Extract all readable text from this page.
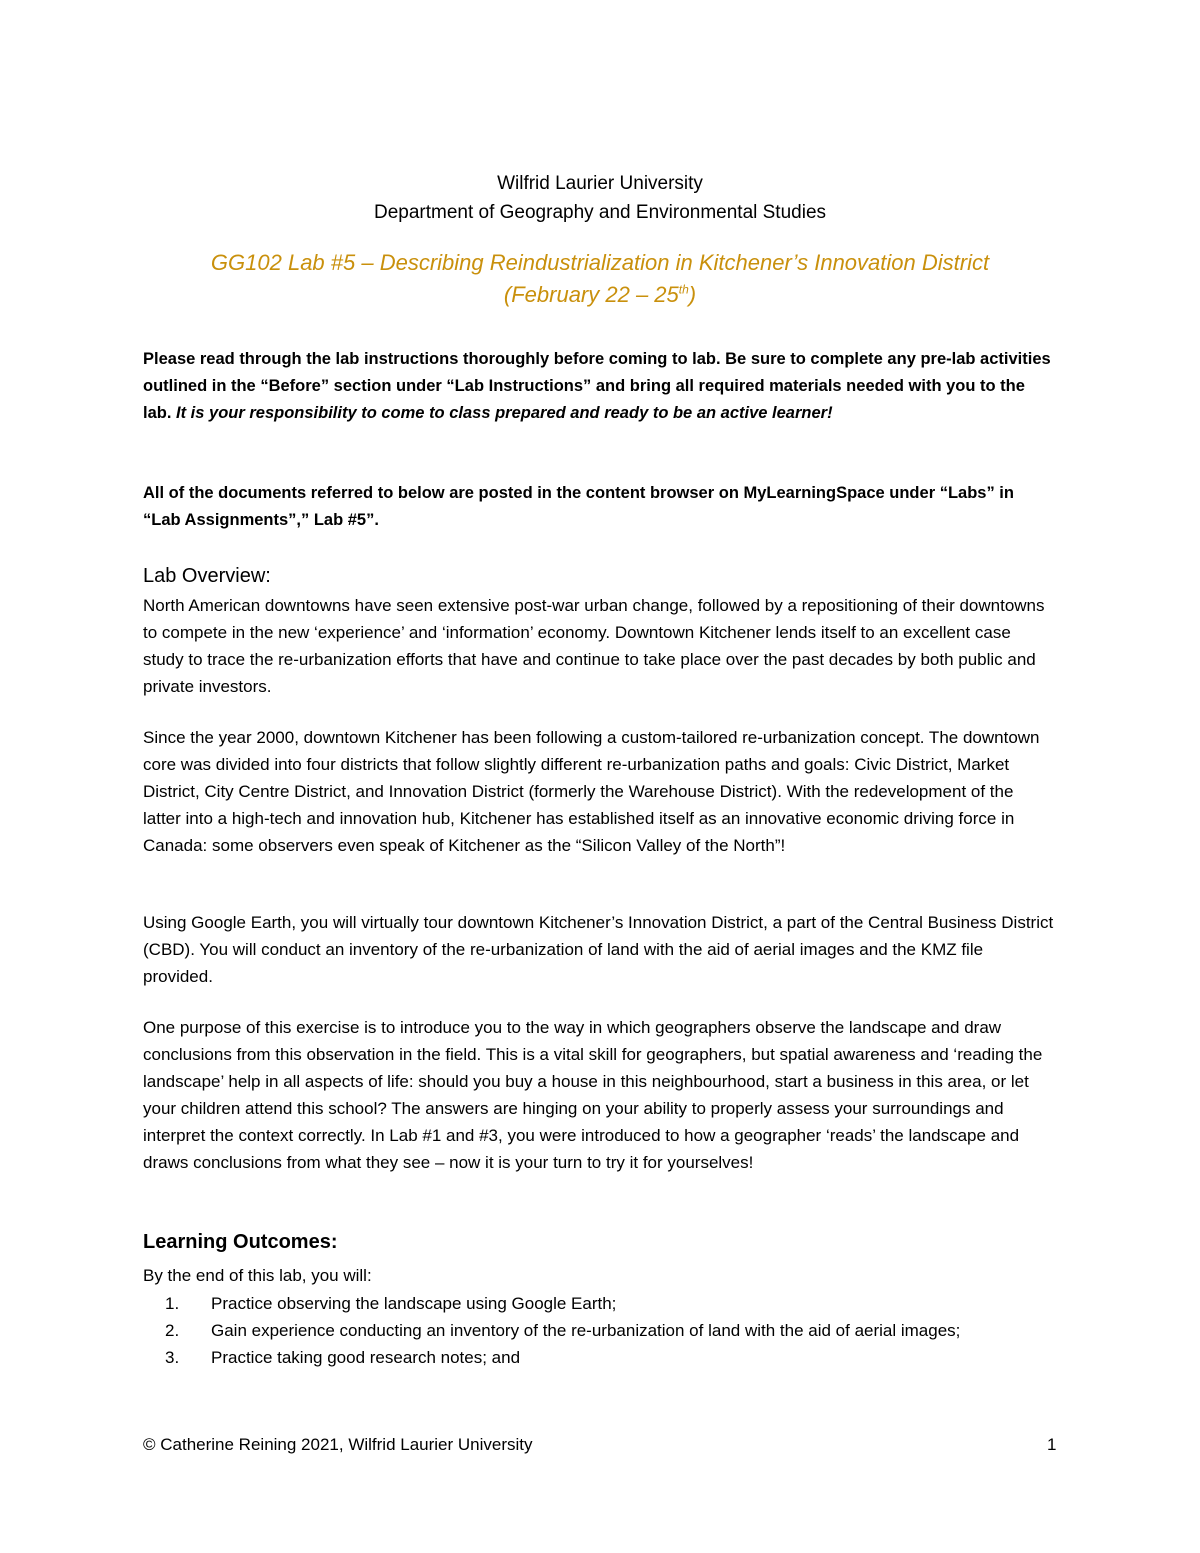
Wilfrid Laurier University
Department of Geography and Environmental Studies
GG102 Lab #5 – Describing Reindustrialization in Kitchener’s Innovation District
(February 22 – 25th)
Please read through the lab instructions thoroughly before coming to lab. Be sure to complete any pre-lab activities outlined in the “Before” section under “Lab Instructions” and bring all required materials needed with you to the lab. It is your responsibility to come to class prepared and ready to be an active learner!
All of the documents referred to below are posted in the content browser on MyLearningSpace under “Labs” in “Lab Assignments”,” Lab #5”.
Lab Overview:
North American downtowns have seen extensive post-war urban change, followed by a repositioning of their downtowns to compete in the new ‘experience’ and ‘information’ economy. Downtown Kitchener lends itself to an excellent case study to trace the re-urbanization efforts that have and continue to take place over the past decades by both public and private investors.
Since the year 2000, downtown Kitchener has been following a custom-tailored re-urbanization concept. The downtown core was divided into four districts that follow slightly different re-urbanization paths and goals: Civic District, Market District, City Centre District, and Innovation District (formerly the Warehouse District). With the redevelopment of the latter into a high-tech and innovation hub, Kitchener has established itself as an innovative economic driving force in Canada: some observers even speak of Kitchener as the “Silicon Valley of the North”!
Using Google Earth, you will virtually tour downtown Kitchener’s Innovation District, a part of the Central Business District (CBD). You will conduct an inventory of the re-urbanization of land with the aid of aerial images and the KMZ file provided.
One purpose of this exercise is to introduce you to the way in which geographers observe the landscape and draw conclusions from this observation in the field. This is a vital skill for geographers, but spatial awareness and ‘reading the landscape’ help in all aspects of life: should you buy a house in this neighbourhood, start a business in this area, or let your children attend this school? The answers are hinging on your ability to properly assess your surroundings and interpret the context correctly. In Lab #1 and #3, you were introduced to how a geographer ‘reads’ the landscape and draws conclusions from what they see – now it is your turn to try it for yourselves!
Learning Outcomes:
By the end of this lab, you will:
1.	Practice observing the landscape using Google Earth;
2.	Gain experience conducting an inventory of the re-urbanization of land with the aid of aerial images;
3.	Practice taking good research notes; and
© Catherine Reining 2021, Wilfrid Laurier University	1
